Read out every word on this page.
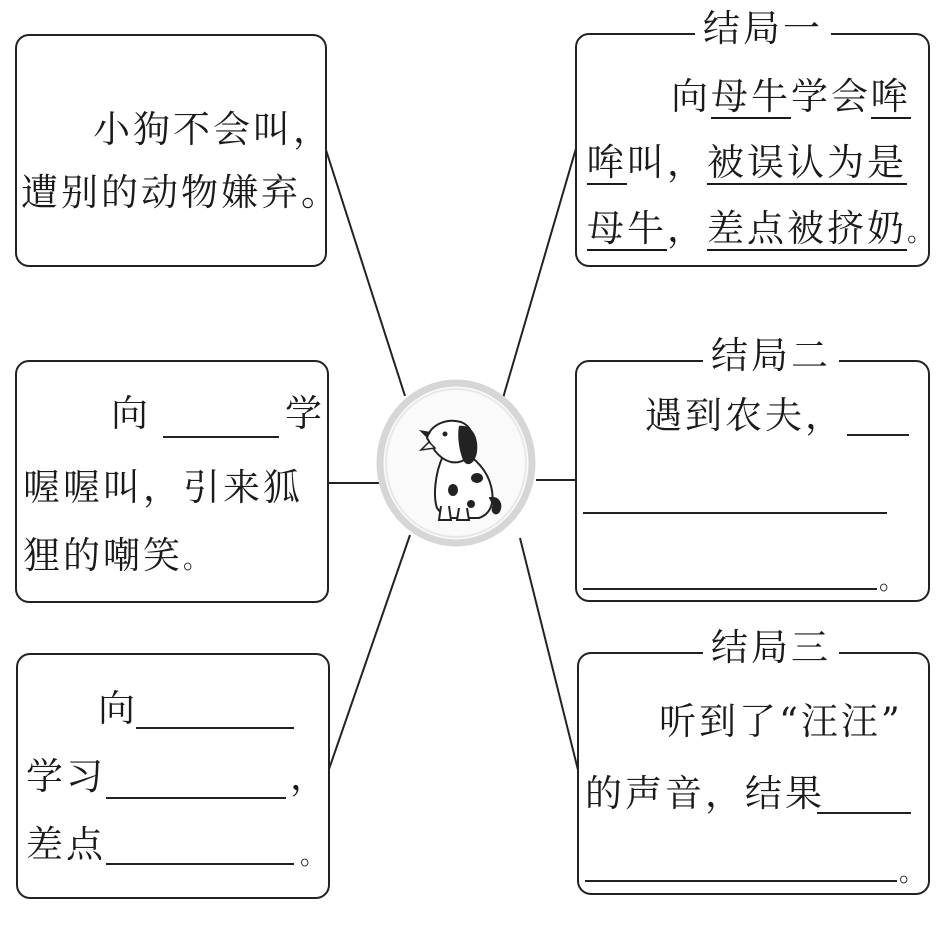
小狗不会叫，

遭别的动物嫌弃。

向	学

喔喔叫，引来狐

狸的嘲笑。

向

学习	，

差点	。
结局一

向母牛学会哞

哞叫，被误认为是

母牛，差点被挤奶。

结局二

遇到农夫，

。
结局三

听到了“汪汪”

的声音，结果

。
